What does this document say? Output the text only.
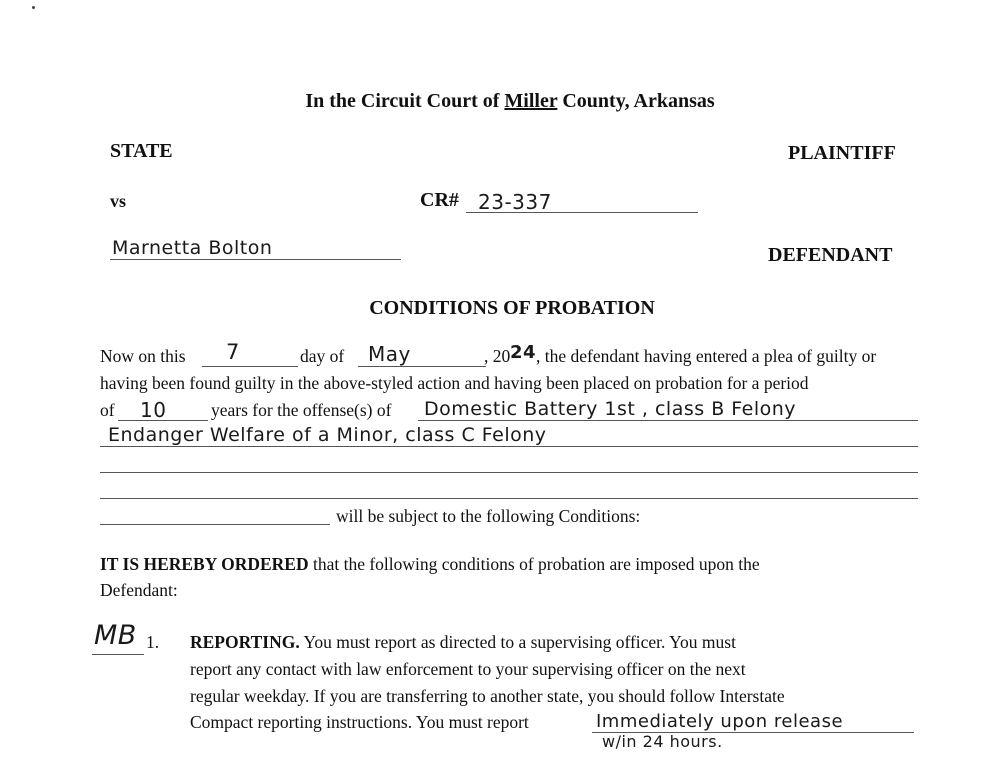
In the Circuit Court of Miller County, Arkansas
STATE	PLAINTIFF
vs	CR# 23-337
Marnetta Bolton	DEFENDANT
CONDITIONS OF PROBATION
Now on this 7	day of May	, 20 24 , the defendant having entered a plea of guilty or
having been found guilty in the above-styled action and having been placed on probation for a period
of 10	years for the offense(s) of Domestic Battery 1st , class B Felony
Endanger Welfare of a Minor, class C Felony
will be subject to the following Conditions:
IT IS HEREBY ORDERED that the following conditions of probation are imposed upon the
Defendant:
MB 1. REPORTING. You must report as directed to a supervising officer. You must
report any contact with law enforcement to your supervising officer on the next
regular weekday. If you are transferring to another state, you should follow Interstate
Compact reporting instructions. You must report	Immediately upon release
w/in 24 hours.
